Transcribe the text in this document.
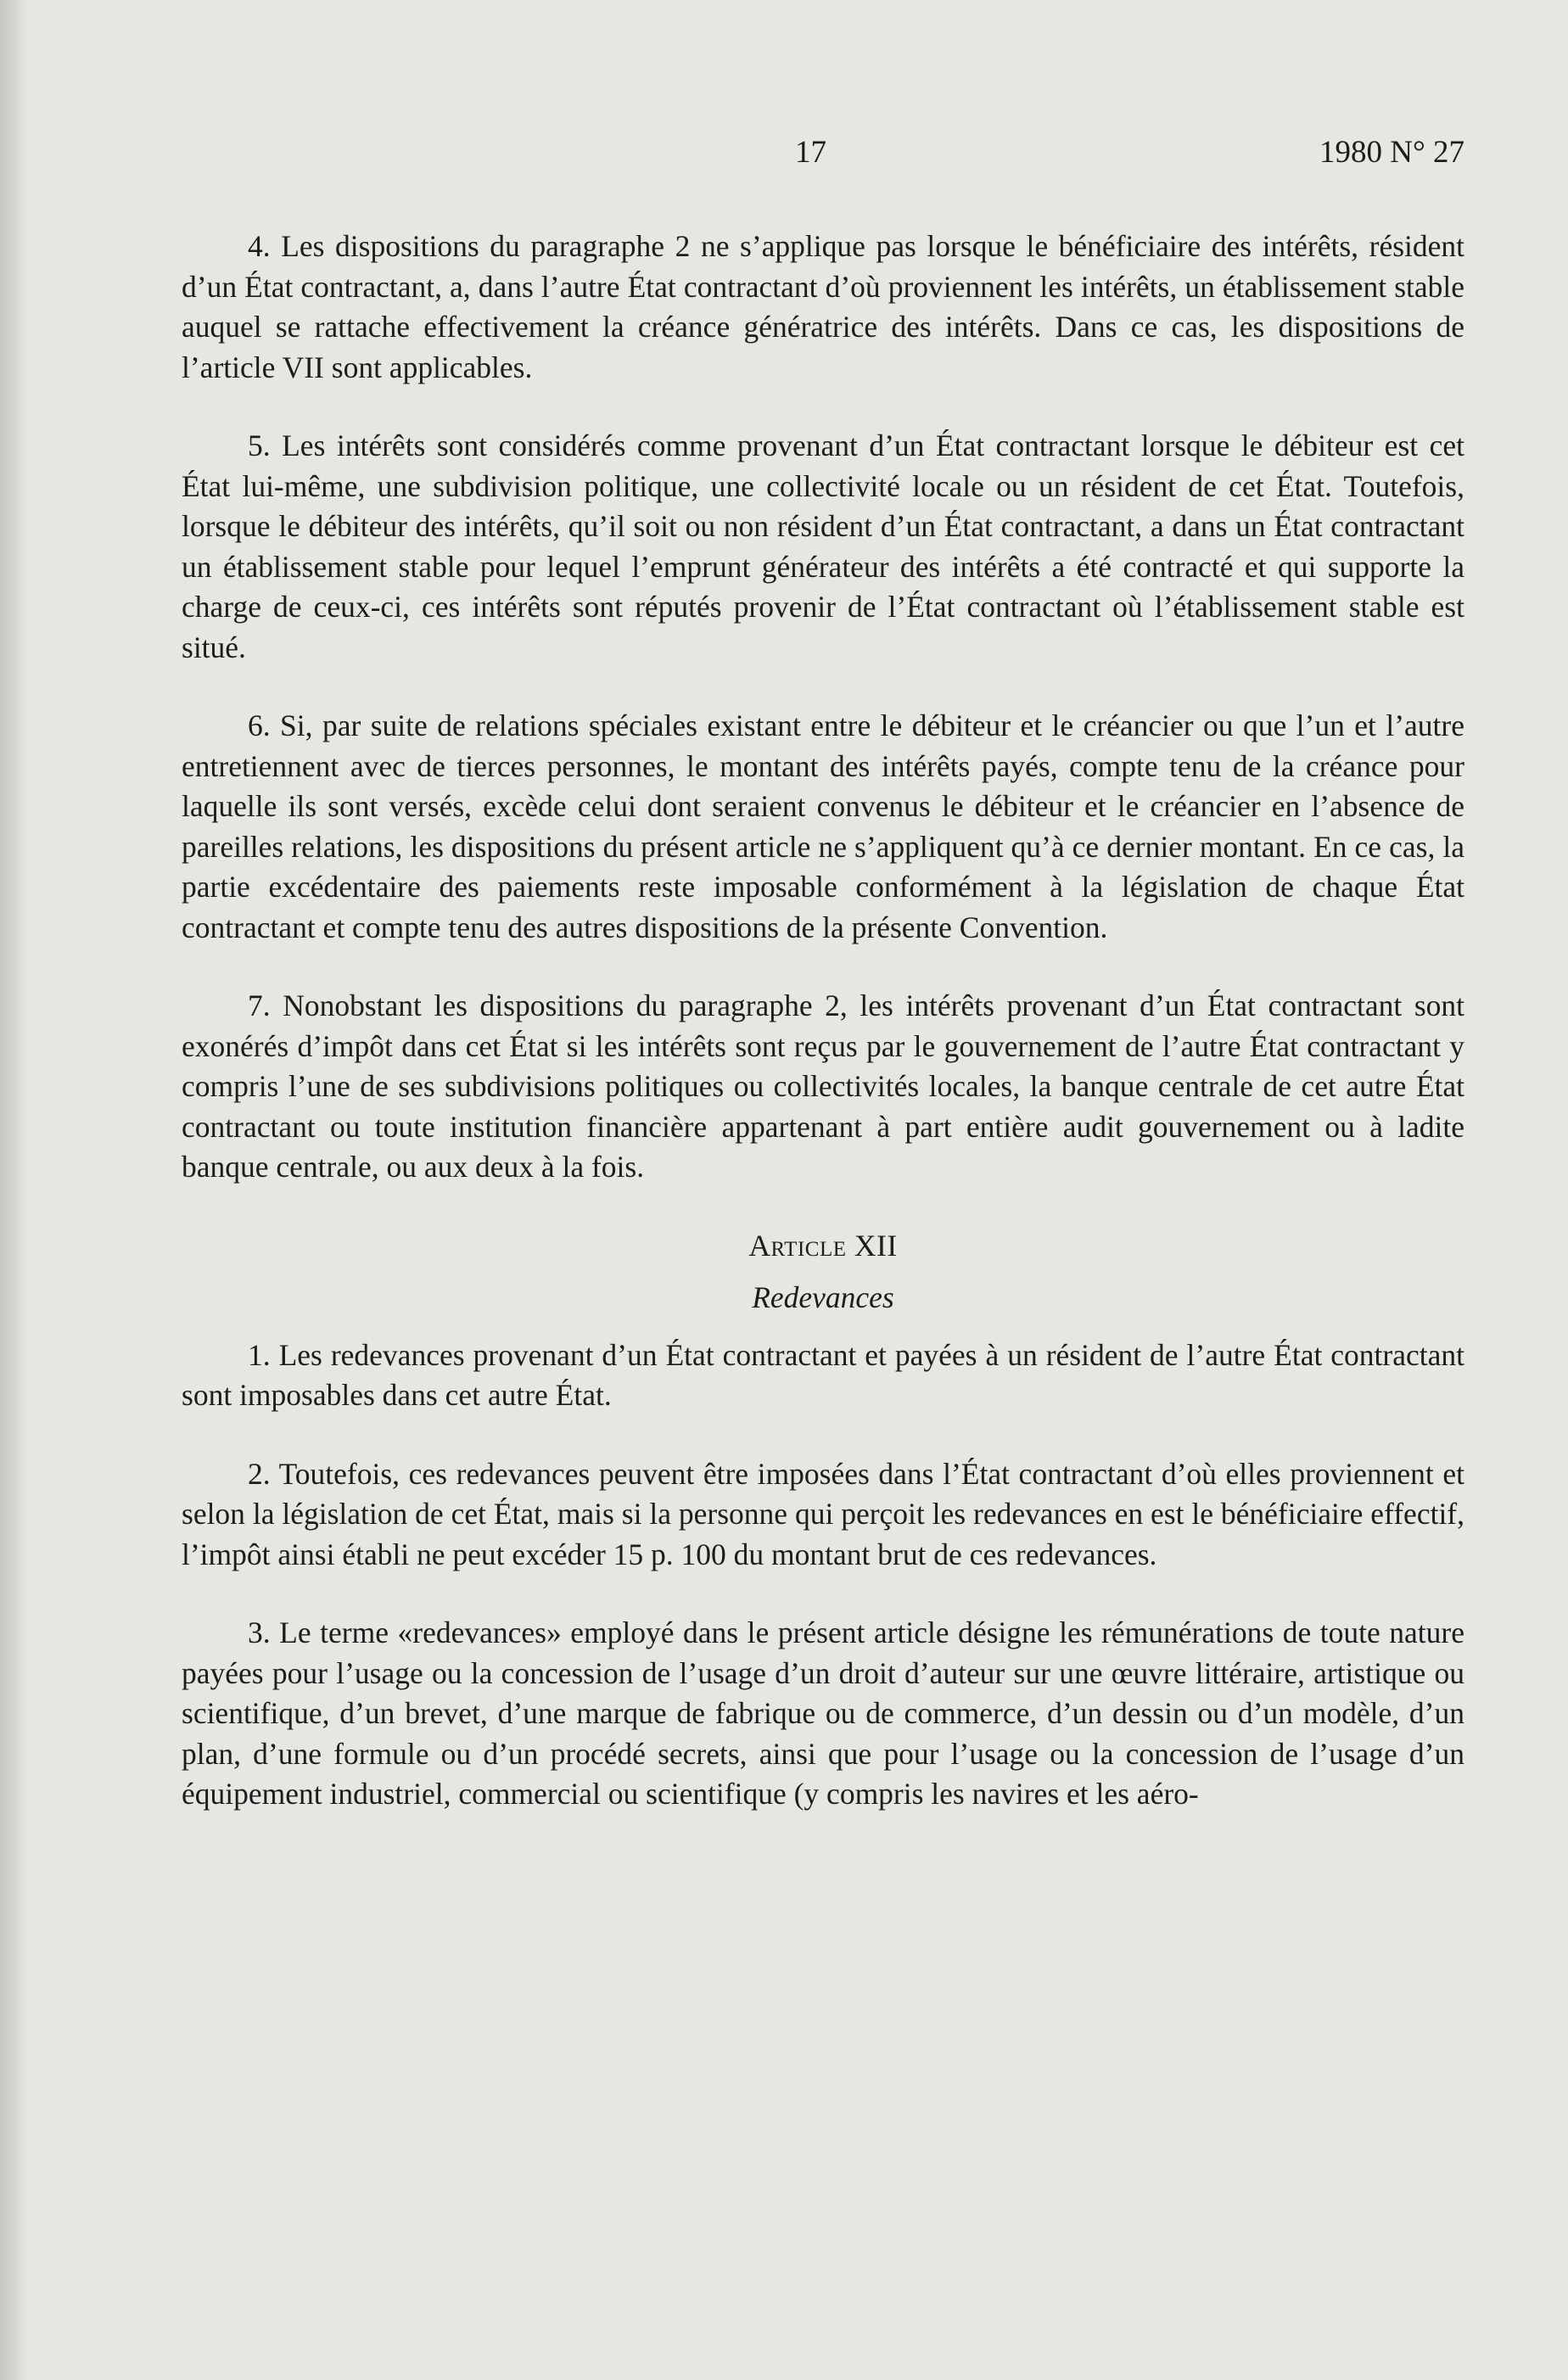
17	1980 N° 27

4. Les dispositions du paragraphe 2 ne s’applique pas lorsque le bénéficiaire des intérêts, résident d’un État contractant, a, dans l’autre État contractant d’où proviennent les intérêts, un établissement stable auquel se rattache effectivement la créance génératrice des intérêts. Dans ce cas, les dispositions de l’article VII sont applicables.

5. Les intérêts sont considérés comme provenant d’un État contractant lorsque le débiteur est cet État lui-même, une subdivision politique, une collectivité locale ou un résident de cet État. Toutefois, lorsque le débiteur des intérêts, qu’il soit ou non résident d’un État contractant, a dans un État contractant un établissement stable pour lequel l’emprunt générateur des intérêts a été contracté et qui supporte la charge de ceux-ci, ces intérêts sont réputés provenir de l’État contractant où l’établissement stable est situé.

6. Si, par suite de relations spéciales existant entre le débiteur et le créancier ou que l’un et l’autre entretiennent avec de tierces personnes, le montant des intérêts payés, compte tenu de la créance pour laquelle ils sont versés, excède celui dont seraient convenus le débiteur et le créancier en l’absence de pareilles relations, les dispositions du présent article ne s’appliquent qu’à ce dernier montant. En ce cas, la partie excédentaire des paiements reste imposable conformément à la législation de chaque État contractant et compte tenu des autres dispositions de la présente Convention.

7. Nonobstant les dispositions du paragraphe 2, les intérêts provenant d’un État contractant sont exonérés d’impôt dans cet État si les intérêts sont reçus par le gouvernement de l’autre État contractant y compris l’une de ses subdivisions politiques ou collectivités locales, la banque centrale de cet autre État contractant ou toute institution financière appartenant à part entière audit gouvernement ou à ladite banque centrale, ou aux deux à la fois.

Article XII
Redevances

1. Les redevances provenant d’un État contractant et payées à un résident de l’autre État contractant sont imposables dans cet autre État.

2. Toutefois, ces redevances peuvent être imposées dans l’État contractant d’où elles proviennent et selon la législation de cet État, mais si la personne qui perçoit les redevances en est le bénéficiaire effectif, l’impôt ainsi établi ne peut excéder 15 p. 100 du montant brut de ces redevances.

3. Le terme «redevances» employé dans le présent article désigne les rémunérations de toute nature payées pour l’usage ou la concession de l’usage d’un droit d’auteur sur une œuvre littéraire, artistique ou scientifique, d’un brevet, d’une marque de fabrique ou de commerce, d’un dessin ou d’un modèle, d’un plan, d’une formule ou d’un procédé secrets, ainsi que pour l’usage ou la concession de l’usage d’un équipement industriel, commercial ou scientifique (y compris les navires et les aéro-
